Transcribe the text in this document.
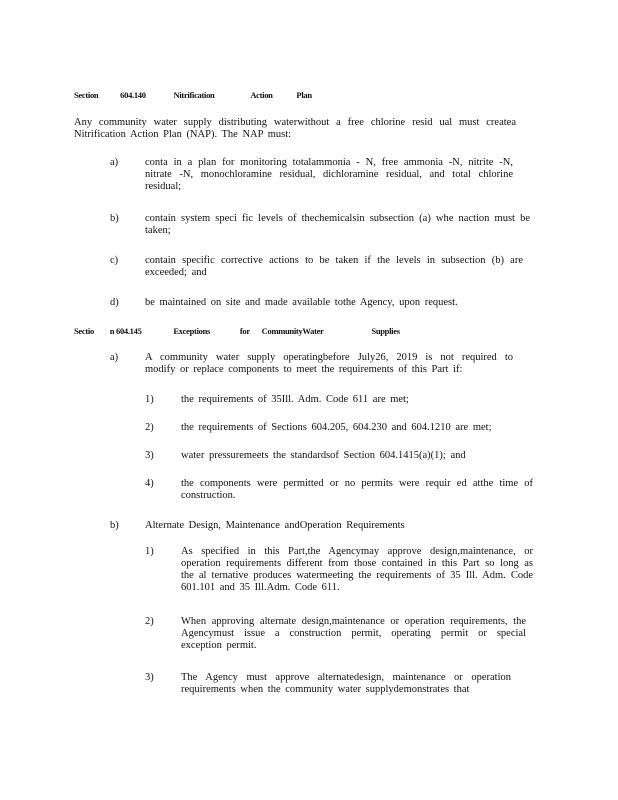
Section	604.140	Nitrification	Action	Plan
Any community water supply distributing waterwithout a free chlorine resid ual must createa Nitrification Action Plan (NAP). The NAP must:
a)	conta in a plan for monitoring totalammonia - N, free ammonia -N, nitrite -N, nitrate -N, monochloramine residual, dichloramine residual, and total chlorine residual;
b)	contain system speci fic levels of thechemicalsin subsection (a) whe naction must be taken;
c)	contain specific corrective actions to be taken if the levels in subsection (b) are exceeded; and
d)	be maintained on site and made available tothe Agency, upon request.
Sectio n 604.145	Exceptions	for CommunityWater	Supplies
a)	A community water supply operatingbefore July26, 2019 is not required to modify or replace components to meet the requirements of this Part if:
1)	the requirements of 35Ill. Adm. Code 611 are met;
2)	the requirements of Sections 604.205, 604.230 and 604.1210 are met;
3)	water pressuremeets the standardsof Section 604.1415(a)(1); and
4)	the components were permitted or no permits were requir ed atthe time of construction.
b)	Alternate Design, Maintenance andOperation Requirements
1)	As specified in this Part,the Agencymay approve design,maintenance, or operation requirements different from those contained in this Part so long as the al ternative produces watermeeting the requirements of 35 Ill. Adm. Code 601.101 and 35 Ill.Adm. Code 611.
2)	When approving alternate design,maintenance or operation requirements, the Agencymust issue a construction permit, operating permit or special exception permit.
3)	The Agency must approve alternatedesign, maintenance or operation requirements when the community water supplydemonstrates that
